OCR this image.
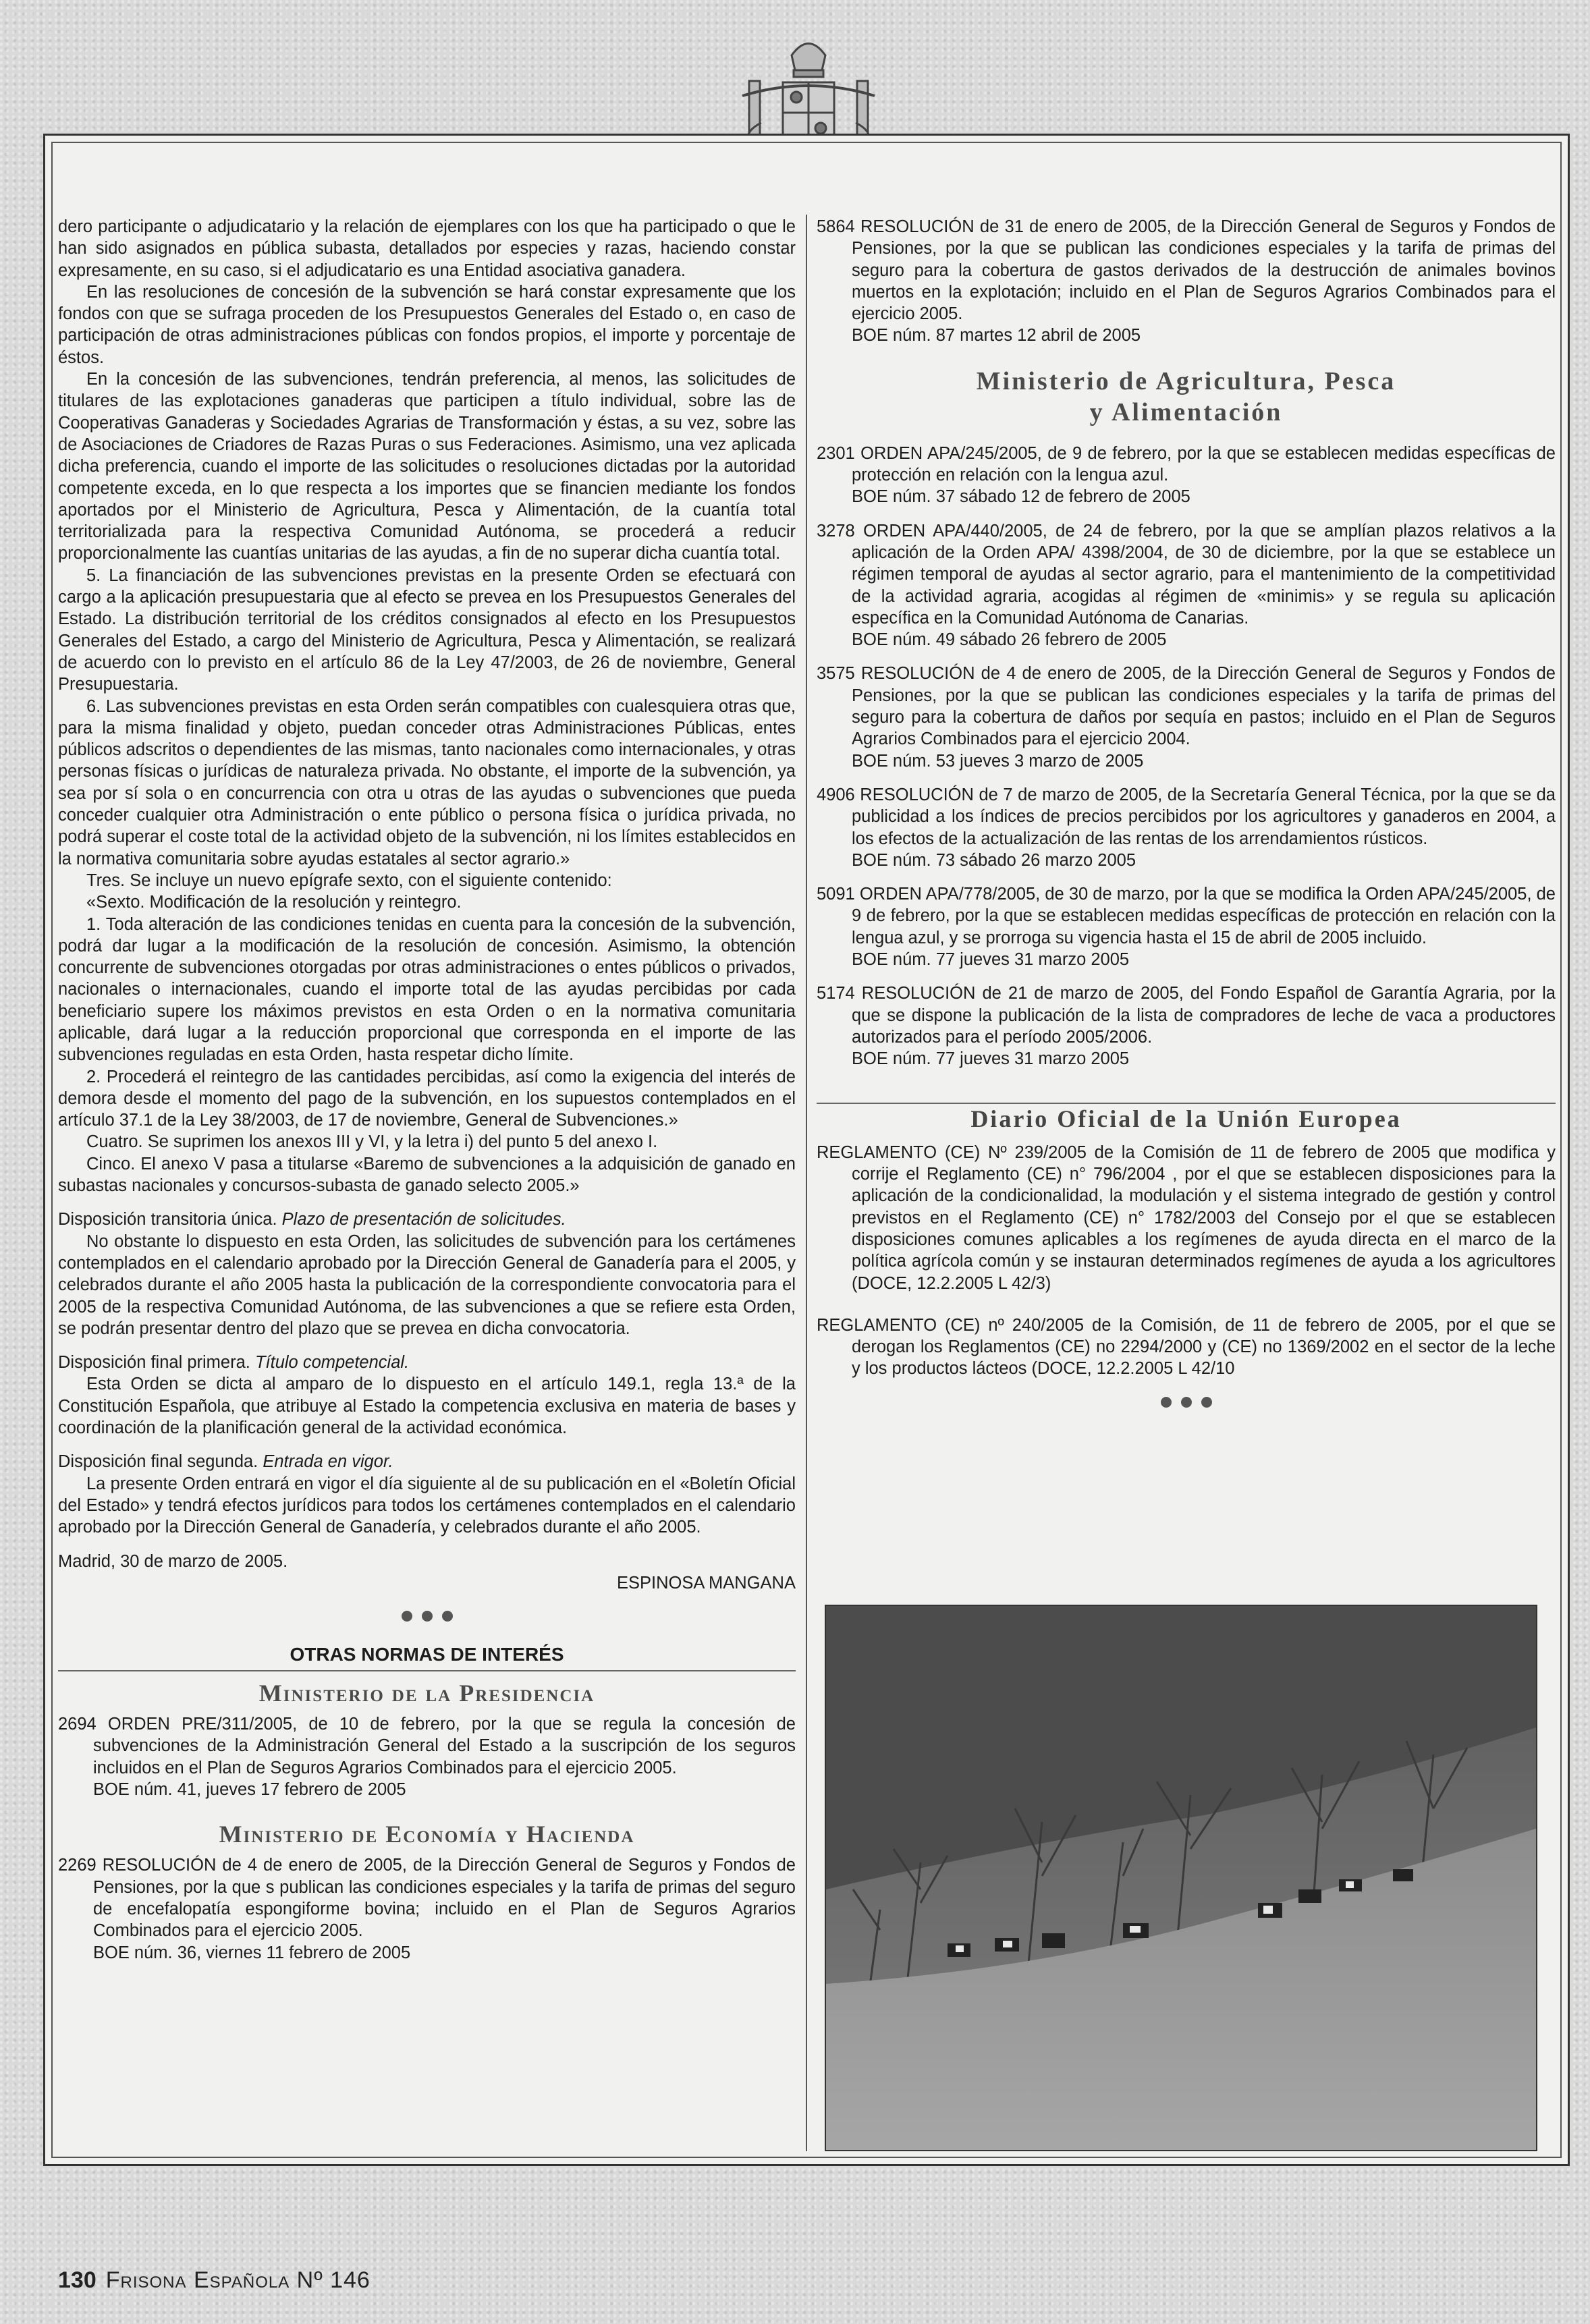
dero participante o adjudicatario y la relación de ejemplares con los que ha participado o que le han sido asignados en pública subasta, detallados por especies y razas, haciendo constar expresamente, en su caso, si el adjudicatario es una Entidad asociativa ganadera.

En las resoluciones de concesión de la subvención se hará constar expresamente que los fondos con que se sufraga proceden de los Presupuestos Generales del Estado o, en caso de participación de otras administraciones públicas con fondos propios, el importe y porcentaje de éstos.

En la concesión de las subvenciones, tendrán preferencia, al menos, las solicitudes de titulares de las explotaciones ganaderas que participen a título individual, sobre las de Cooperativas Ganaderas y Sociedades Agrarias de Transformación y éstas, a su vez, sobre las de Asociaciones de Criadores de Razas Puras o sus Federaciones. Asimismo, una vez aplicada dicha preferencia, cuando el importe de las solicitudes o resoluciones dictadas por la autoridad competente exceda, en lo que respecta a los importes que se financien mediante los fondos aportados por el Ministerio de Agricultura, Pesca y Alimentación, de la cuantía total territorializada para la respectiva Comunidad Autónoma, se procederá a reducir proporcionalmente las cuantías unitarias de las ayudas, a fin de no superar dicha cuantía total.

5. La financiación de las subvenciones previstas en la presente Orden se efectuará con cargo a la aplicación presupuestaria que al efecto se prevea en los Presupuestos Generales del Estado. La distribución territorial de los créditos consignados al efecto en los Presupuestos Generales del Estado, a cargo del Ministerio de Agricultura, Pesca y Alimentación, se realizará de acuerdo con lo previsto en el artículo 86 de la Ley 47/2003, de 26 de noviembre, General Presupuestaria.

6. Las subvenciones previstas en esta Orden serán compatibles con cualesquiera otras que, para la misma finalidad y objeto, puedan conceder otras Administraciones Públicas, entes públicos adscritos o dependientes de las mismas, tanto nacionales como internacionales, y otras personas físicas o jurídicas de naturaleza privada. No obstante, el importe de la subvención, ya sea por sí sola o en concurrencia con otra u otras de las ayudas o subvenciones que pueda conceder cualquier otra Administración o ente público o persona física o jurídica privada, no podrá superar el coste total de la actividad objeto de la subvención, ni los límites establecidos en la normativa comunitaria sobre ayudas estatales al sector agrario.»

Tres. Se incluye un nuevo epígrafe sexto, con el siguiente contenido:

«Sexto. Modificación de la resolución y reintegro.

1. Toda alteración de las condiciones tenidas en cuenta para la concesión de la subvención, podrá dar lugar a la modificación de la resolución de concesión. Asimismo, la obtención concurrente de subvenciones otorgadas por otras administraciones o entes públicos o privados, nacionales o internacionales, cuando el importe total de las ayudas percibidas por cada beneficiario supere los máximos previstos en esta Orden o en la normativa comunitaria aplicable, dará lugar a la reducción proporcional que corresponda en el importe de las subvenciones reguladas en esta Orden, hasta respetar dicho límite.

2. Procederá el reintegro de las cantidades percibidas, así como la exigencia del interés de demora desde el momento del pago de la subvención, en los supuestos contemplados en el artículo 37.1 de la Ley 38/2003, de 17 de noviembre, General de Subvenciones.»

Cuatro. Se suprimen los anexos III y VI, y la letra i) del punto 5 del anexo I.

Cinco. El anexo V pasa a titularse «Baremo de subvenciones a la adquisición de ganado en subastas nacionales y concursos-subasta de ganado selecto 2005.»

Disposición transitoria única. Plazo de presentación de solicitudes.

No obstante lo dispuesto en esta Orden, las solicitudes de subvención para los certámenes contemplados en el calendario aprobado por la Dirección General de Ganadería para el 2005, y celebrados durante el año 2005 hasta la publicación de la correspondiente convocatoria para el 2005 de la respectiva Comunidad Autónoma, de las subvenciones a que se refiere esta Orden, se podrán presentar dentro del plazo que se prevea en dicha convocatoria.

Disposición final primera. Título competencial.

Esta Orden se dicta al amparo de lo dispuesto en el artículo 149.1, regla 13.ª de la Constitución Española, que atribuye al Estado la competencia exclusiva en materia de bases y coordinación de la planificación general de la actividad económica.

Disposición final segunda. Entrada en vigor.

La presente Orden entrará en vigor el día siguiente al de su publicación en el «Boletín Oficial del Estado» y tendrá efectos jurídicos para todos los certámenes contemplados en el calendario aprobado por la Dirección General de Ganadería, y celebrados durante el año 2005.

Madrid, 30 de marzo de 2005.

ESPINOSA MANGANA

OTRAS NORMAS DE INTERÉS
Ministerio de la Presidencia

2694 ORDEN PRE/311/2005, de 10 de febrero, por la que se regula la concesión de subvenciones de la Administración General del Estado a la suscripción de los seguros incluidos en el Plan de Seguros Agrarios Combinados para el ejercicio 2005.

BOE núm. 41, jueves 17 febrero de 2005

Ministerio de Economía y Hacienda

2269 RESOLUCIÓN de 4 de enero de 2005, de la Dirección General de Seguros y Fondos de Pensiones, por la que s publican las condiciones especiales y la tarifa de primas del seguro de encefalopatía espongiforme bovina; incluido en el Plan de Seguros Agrarios Combinados para el ejercicio 2005.

BOE núm. 36, viernes 11 febrero de 2005

5864 RESOLUCIÓN de 31 de enero de 2005, de la Dirección General de Seguros y Fondos de Pensiones, por la que se publican las condiciones especiales y la tarifa de primas del seguro para la cobertura de gastos derivados de la destrucción de animales bovinos muertos en la explotación; incluido en el Plan de Seguros Agrarios Combinados para el ejercicio 2005.

BOE núm. 87 martes 12 abril de 2005

Ministerio de Agricultura, Pesca
y Alimentación

2301 ORDEN APA/245/2005, de 9 de febrero, por la que se establecen medidas específicas de protección en relación con la lengua azul.

BOE núm. 37 sábado 12 de febrero de 2005

3278 ORDEN APA/440/2005, de 24 de febrero, por la que se amplían plazos relativos a la aplicación de la Orden APA/ 4398/2004, de 30 de diciembre, por la que se establece un régimen temporal de ayudas al sector agrario, para el mantenimiento de la competitividad de la actividad agraria, acogidas al régimen de «minimis» y se regula su aplicación específica en la Comunidad Autónoma de Canarias.

BOE núm. 49 sábado 26 febrero de 2005

3575 RESOLUCIÓN de 4 de enero de 2005, de la Dirección General de Seguros y Fondos de Pensiones, por la que se publican las condiciones especiales y la tarifa de primas del seguro para la cobertura de daños por sequía en pastos; incluido en el Plan de Seguros Agrarios Combinados para el ejercicio 2004.

BOE núm. 53 jueves 3 marzo de 2005

4906 RESOLUCIÓN de 7 de marzo de 2005, de la Secretaría General Técnica, por la que se da publicidad a los índices de precios percibidos por los agricultores y ganaderos en 2004, a los efectos de la actualización de las rentas de los arrendamientos rústicos.

BOE núm. 73 sábado 26 marzo 2005

5091 ORDEN APA/778/2005, de 30 de marzo, por la que se modifica la Orden APA/245/2005, de 9 de febrero, por la que se establecen medidas específicas de protección en relación con la lengua azul, y se prorroga su vigencia hasta el 15 de abril de 2005 incluido.

BOE núm. 77 jueves 31 marzo 2005

5174 RESOLUCIÓN de 21 de marzo de 2005, del Fondo Español de Garantía Agraria, por la que se dispone la publicación de la lista de compradores de leche de vaca a productores autorizados para el período 2005/2006.

BOE núm. 77 jueves 31 marzo 2005

Diario Oficial de la Unión Europea

REGLAMENTO (CE) Nº 239/2005 de la Comisión de 11 de febrero de 2005 que modifica y corrije el Reglamento (CE) n° 796/2004 , por el que se establecen disposiciones para la aplicación de la condicionalidad, la modulación y el sistema integrado de gestión y control previstos en el Reglamento (CE) n° 1782/2003 del Consejo por el que se establecen disposiciones comunes aplicables a los regímenes de ayuda directa en el marco de la política agrícola común y se instauran determinados regímenes de ayuda a los agricultores (DOCE, 12.2.2005 L 42/3)

REGLAMENTO (CE) nº 240/2005 de la Comisión, de 11 de febrero de 2005, por el que se derogan los Reglamentos (CE) no 2294/2000 y (CE) no 1369/2002 en el sector de la leche y los productos lácteos (DOCE, 12.2.2005 L 42/10

130 Frisona Española Nº 146
